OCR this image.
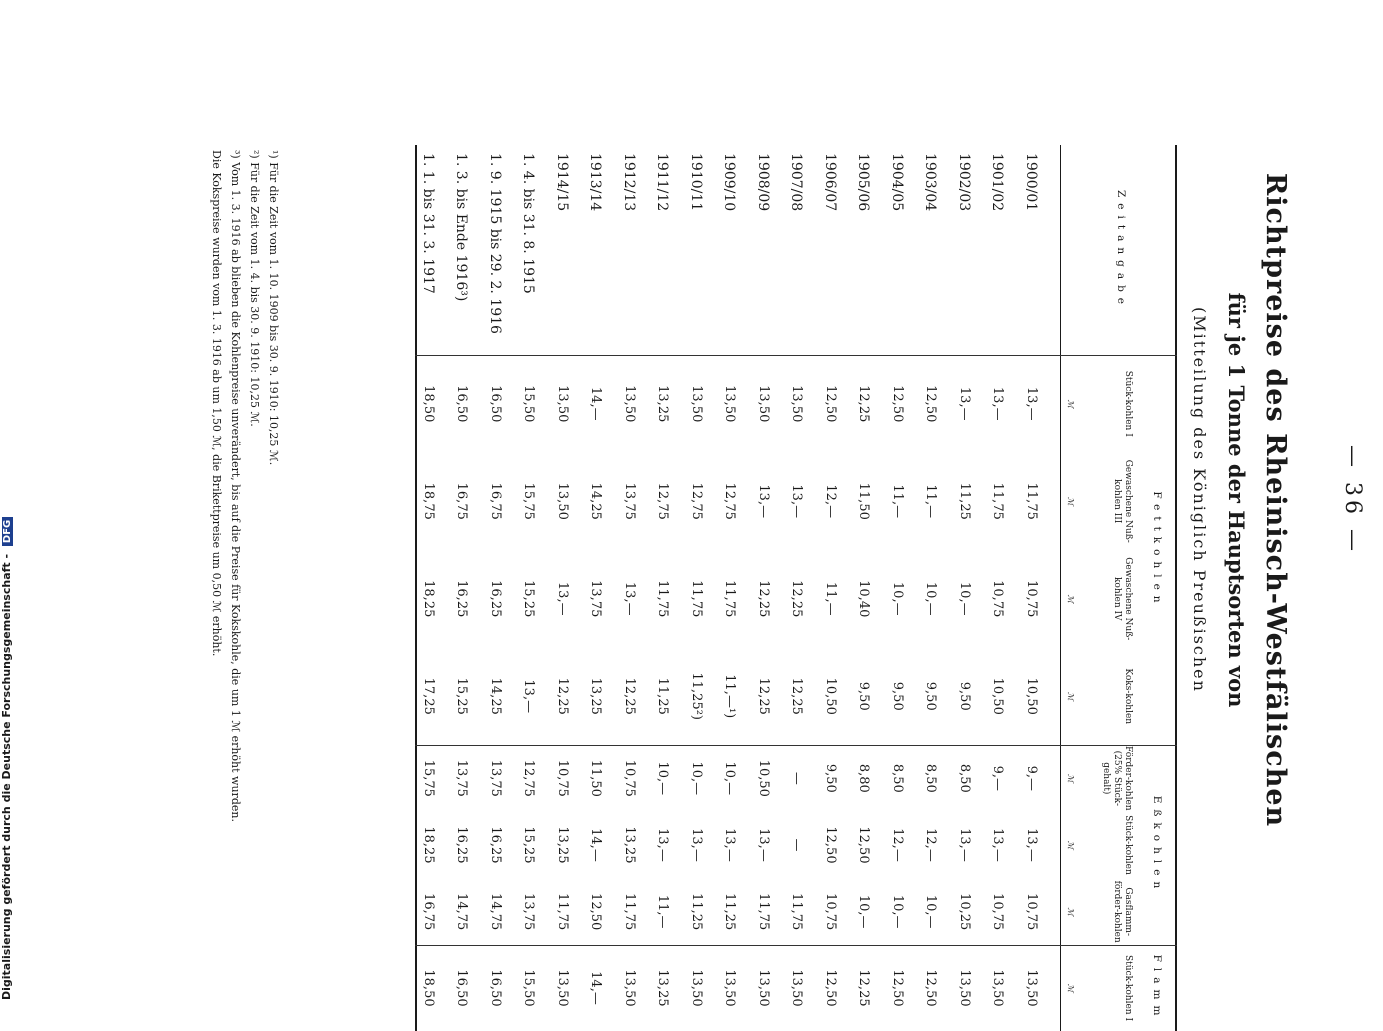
— 36 —
Richtpreise des Rheinisch-Westfälischen
für je 1 Tonne der Hauptsorten von
(Mitteilung des Königlich Preußischen
Zeitangabe
Fettkohlen
Eßkohlen
Flamm
Stück-kohlen I
ℳ
Gewaschene Nuß-kohlen III
ℳ
Gewaschene Nuß-kohlen IV
ℳ
Koks-kohlen
ℳ
Förder-kohlen (25% Stück-gehalt)
ℳ
Stück-kohlen
ℳ
Gasflamm-förder-kohlen
ℳ
Stück-kohlen I
ℳ
1900/01
13,—
11,75
10,75
10,50
9,—
13,—
10,75
13,50
1901/02
13,—
11,75
10,75
10,50
9,—
13,—
10,75
13,50
1902/03
13,—
11,25
10,—
9,50
8,50
13,—
10,25
13,50
1903/04
12,50
11,—
10,—
9,50
8,50
12,—
10,—
12,50
1904/05
12,50
11,—
10,—
9,50
8,50
12,—
10,—
12,50
1905/06
12,25
11,50
10,40
9,50
8,80
12,50
10,—
12,25
1906/07
12,50
12,—
11,—
10,50
9,50
12,50
10,75
12,50
1907/08
13,50
13,—
12,25
12,25
—
—
11,75
13,50
1908/09
13,50
13,—
12,25
12,25
10,50
13,—
11,75
13,50
1909/10
13,50
12,75
11,75
11,—¹)
10,—
13,—
11,25
13,50
1910/11
13,50
12,75
11,75
11,25²)
10,—
13,—
11,25
13,50
1911/12
13,25
12,75
11,75
11,25
10,—
13,—
11,—
13,25
1912/13
13,50
13,75
13,—
12,25
10,75
13,25
11,75
13,50
1913/14
14,—
14,25
13,75
13,25
11,50
14,—
12,50
14,—
1914/15
13,50
13,50
13,—
12,25
10,75
13,25
11,75
13,50
1. 4. bis 31. 8. 1915
15,50
15,75
15,25
13,—
12,75
15,25
13,75
15,50
1. 9. 1915 bis 29. 2. 1916
16,50
16,75
16,25
14,25
13,75
16,25
14,75
16,50
1. 3. bis Ende 1916³)
16,50
16,75
16,25
15,25
13,75
16,25
14,75
16,50
1. 1. bis 31. 3. 1917
18,50
18,75
18,25
17,25
15,75
18,25
16,75
18,50
¹) Für die Zeit vom 1. 10. 1909 bis 30. 9. 1910: 10,25 ℳ.
²) Für die Zeit vom 1. 4. bis 30. 9. 1910: 10,25 ℳ.
³) Vom 1. 3. 1916 ab blieben die Kohlenpreise unverändert, bis auf die Preise für Kokskohle, die um 1 ℳ erhöht wurden.
Die Kokspreise wurden vom 1. 3. 1916 ab um 1,50 ℳ, die Brikettpreise um 0,50 ℳ erhöht.
Digitalisierung gefördert durch die Deutsche Forschungsgemeinschaft - DFG
